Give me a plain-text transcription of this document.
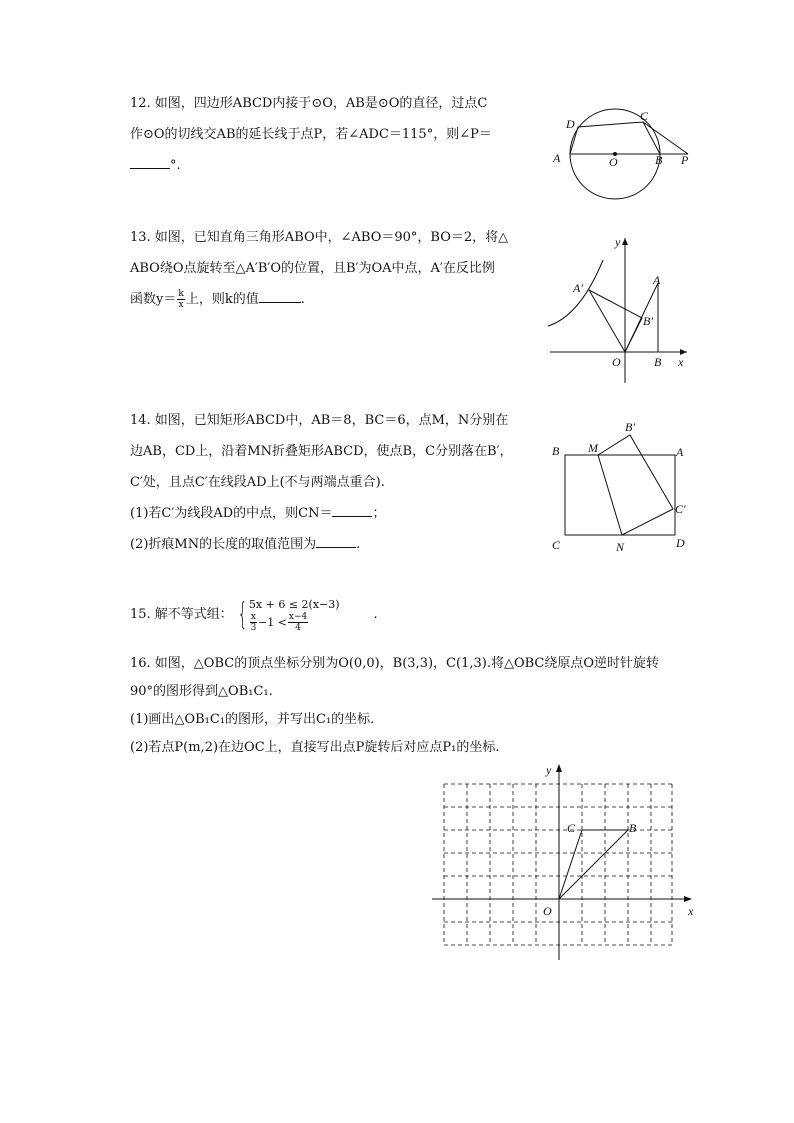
12. 如图，四边形ABCD内接于⊙O，AB是⊙O的直径，过点C
作⊙O的切线交AB的延长线于点P，若∠ADC＝115°，则∠P＝
°.
D
C
A	O	B P
13. 如图，已知直角三角形ABO中，∠ABO＝90°，BO＝2，将△
ABO绕O点旋转至△A′B′O的位置，且B′为OA中点，A′在反比例
函数$y= \frac{k}{x}$ 上，则k的值	.
y
A′
A
B′
O	B x
14. 如图，已知矩形ABCD中，AB＝8，BC＝6，点M，N分别在
边AB，CD上，沿着MN折叠矩形ABCD，使点B，C分别落在B′，
C′处，且点C′在线段AD上(不与两端点重合).
(1)若C′为线段AD的中点，则CN＝	；
(2)折痕MN的长度的取值范围为	.
B′
B M	A
C′
C	N	D
15. 解不等式组： { 5x + 6 ≤ 2(x−3)
$\frac{x}{3} -1 < \frac{x-4}{4}$	.
16. 如图，△OBC的顶点坐标分别为O(0,0)，B(3,3)，C(1,3).将△OBC绕原点O逆时针旋转
90°的图形得到△OB₁C₁.
(1)画出△OB₁C₁的图形，并写出C₁的坐标.
(2)若点P(m,2)在边OC上，直接写出点P旋转后对应点P₁的坐标.
y
C	B
O	x
